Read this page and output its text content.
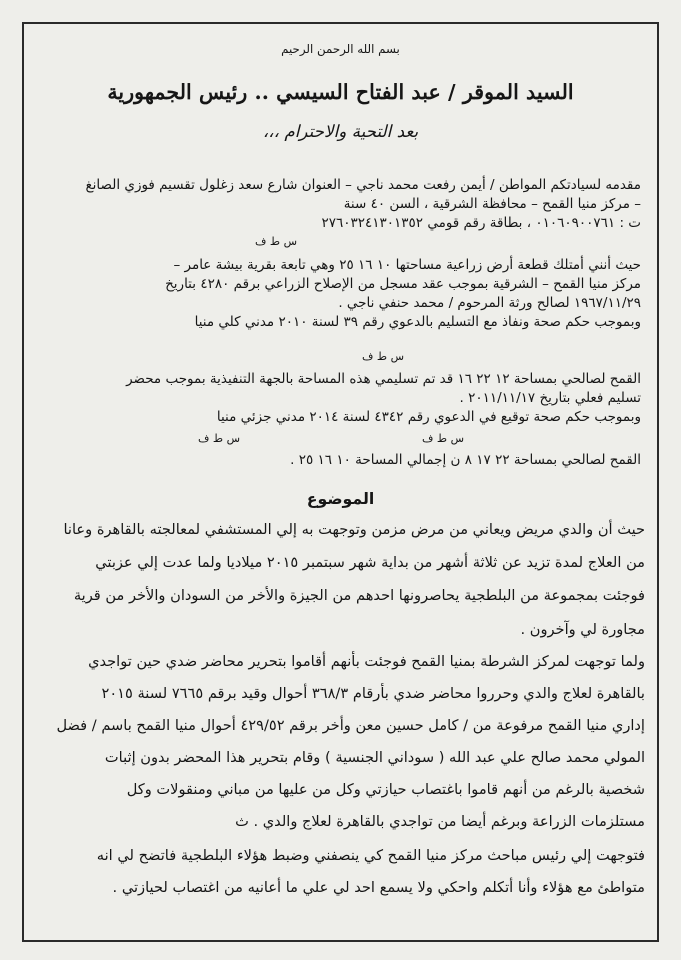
بسم الله الرحمن الرحيم
السيد الموقر / عبد الفتاح السيسي .. رئيس الجمهورية
بعد التحية والاحترام ،،،
مقدمه لسيادتكم المواطن / أيمن رفعت محمد ناجي – العنوان شارع سعد زغلول تقسيم فوزي الصانغ
– مركز منيا القمح – محافظة الشرقية ، السن ٤٠ سنة
ت : ٠١٠٦٠٩٠٠٧٦١ ، بطاقة رقم قومي ٢٧٦٠٣٢٤١٣٠١٣٥٢
س ط ف
حيث أنني أمتلك قطعة أرض زراعية مساحتها ١٠ ١٦ ٢٥ وهي تابعة بقرية بيشة عامر –
مركز منيا القمح – الشرقية بموجب عقد مسجل من الإصلاح الزراعي برقم ٤٢٨٠ بتاريخ
١٩٦٧/١١/٢٩ لصالح ورثة المرحوم / محمد حنفي ناجي .
وبموجب حكم صحة ونفاذ مع التسليم بالدعوي رقم ٣٩ لسنة ٢٠١٠ مدني كلي منيا
س ط ف
القمح لصالحي بمساحة ١٢ ٢٢ ١٦ قد تم تسليمي هذه المساحة بالجهة التنفيذية بموجب محضر
تسليم فعلي بتاريخ ٢٠١١/١١/١٧ .
وبموجب حكم صحة توقيع في الدعوي رقم ٤٣٤٢ لسنة ٢٠١٤ مدني جزئي منيا
س ط ف	س ط ف
القمح لصالحي بمساحة ٢٢ ١٧ ٨ ن إجمالي المساحة ١٠ ١٦ ٢٥ .
الموضوع
حيث أن والدي مريض ويعاني من مرض مزمن وتوجهت به إلي المستشفي لمعالجته بالقاهرة وعانا
من العلاج لمدة تزيد عن ثلاثة أشهر من بداية شهر سبتمبر ٢٠١٥ ميلاديا ولما عدت إلي عزبتي
فوجئت بمجموعة من البلطجية يحاصرونها احدهم من الجيزة والأخر من السودان والأخر من قرية
مجاورة لي وآخرون .
ولما توجهت لمركز الشرطة بمنيا القمح فوجئت بأنهم أقاموا بتحرير محاضر ضدي حين تواجدي
بالقاهرة لعلاج والدي وحرروا محاضر ضدي بأرقام ٣٦٨/٣ أحوال وقيد برقم ٧٦٦٥ لسنة ٢٠١٥
إداري منيا القمح مرفوعة من / كامل حسين معن وأخر برقم ٤٢٩/٥٢ أحوال منيا القمح باسم / فضل
المولي محمد صالح علي عبد الله ( سوداني الجنسية ) وقام بتحرير هذا المحضر بدون إثبات
شخصية بالرغم من أنهم قاموا باغتصاب حيازتي وكل من عليها من مباني ومنقولات وكل
مستلزمات الزراعة وبرغم أيضا من تواجدي بالقاهرة لعلاج والدي . ث
فتوجهت إلي رئيس مباحث مركز منيا القمح كي ينصفني وضبط هؤلاء البلطجية فاتضح لي انه
متواطئ مع هؤلاء وأنا أتكلم واحكي ولا يسمع احد لي علي ما أعانيه من اغتصاب لحيازتي .
